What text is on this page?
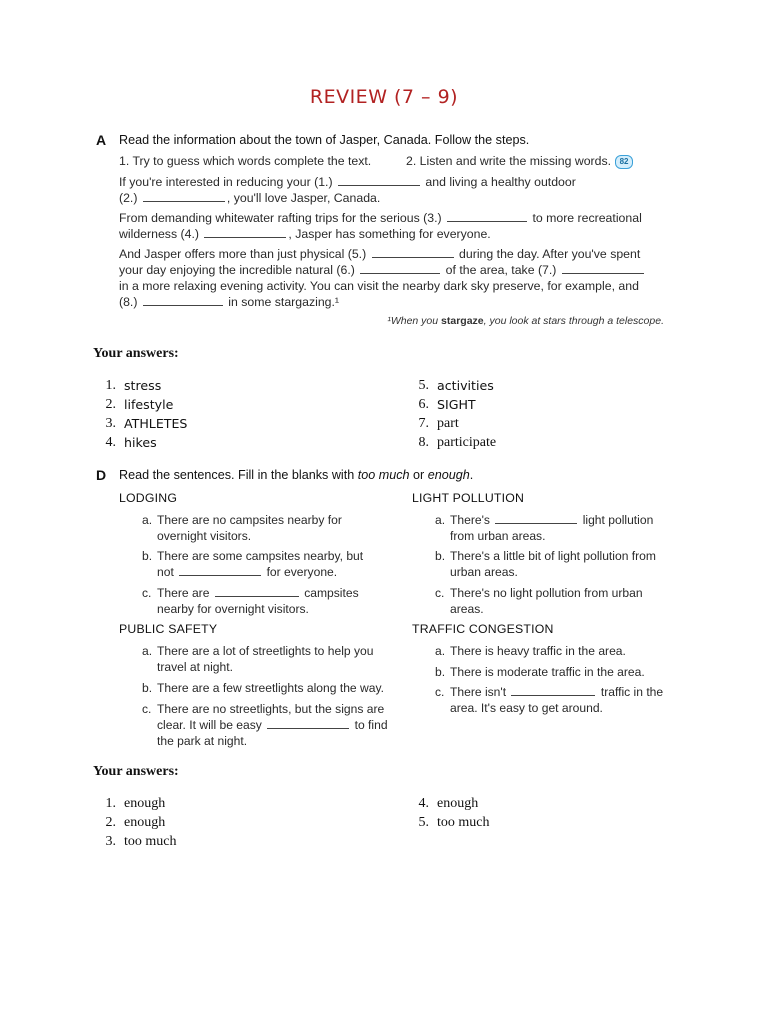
REVIEW (7 – 9)
A Read the information about the town of Jasper, Canada. Follow the steps.

1. Try to guess which words complete the text.	2. Listen and write the missing words. 82

If you're interested in reducing your (1.)	and living a healthy outdoor

(2.)	, you'll love Jasper, Canada.

From demanding whitewater rafting trips for the serious (3.)	to more recreational

wilderness (4.)	, Jasper has something for everyone.

And Jasper offers more than just physical (5.)	during the day. After you've spent

your day enjoying the incredible natural (6.)	of the area, take (7.)

in a more relaxing evening activity. You can visit the nearby dark sky preserve, for example, and

(8.)	in some stargazing.¹

¹When you stargaze, you look at stars through a telescope.
Your answers:
1. stress
2. lifestyle
3. ATHLETES
4. hikes
5. activities
6. SIGHT
7. part
8. participate
D Read the sentences. Fill in the blanks with too much or enough.
LODGING
a. There are no campsites nearby for
overnight visitors.
b. There are some campsites nearby, but
not	for everyone.
c. There are	campsites
nearby for overnight visitors.
LIGHT POLLUTION
a. There's	light pollution
from urban areas.
b. There's a little bit of light pollution from
urban areas.
c. There's no light pollution from urban
areas.
PUBLIC SAFETY
a. There are a lot of streetlights to help you
travel at night.
b. There are a few streetlights along the way.
c. There are no streetlights, but the signs are
clear. It will be easy	to find
the park at night.
TRAFFIC CONGESTION
a. There is heavy traffic in the area.
b. There is moderate traffic in the area.
c. There isn't	traffic in the
area. It's easy to get around.
Your answers:
1. enough
2. enough
3. too much
4. enough
5. too much
